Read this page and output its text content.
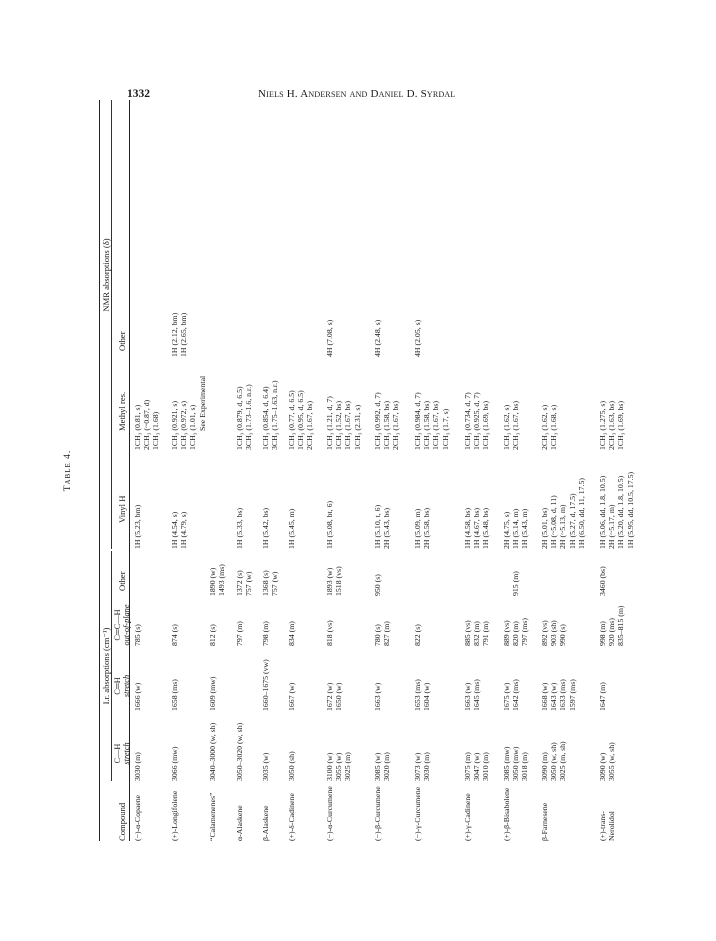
1332	Niels H. Andersen and Daniel D. Syrdal
Table 4.
Compound
I.r. absorptions (cm⁻¹)
NMR absorptions (δ)
C—H stretch
C═H stretch
C═C—H out-of-plane
Other
Vinyl H
Methyl res.
Other
(−)-α-Copaene
3030 (m)
1666 (w)
785 (s)
1H (5.23, bm)
1CH₃ (0.81, s) 2CH₃ (~0.87, d) 1CH₃ (1.68)
(+)-Longifolene
3066 (mw)
1658 (ms)
874 (s)
1H (4.54, s) 1H (4.79, s)
1CH₃ (0.921, s) 1CH₃ (0.972, s) 1CH₃ (1.01, s)
1H (2.12, bm) 1H (2.65, bm)
“Calamenenes”
3040–3000 (w, sh)
1609 (mw)
812 (s)
1890 (w) 1493 (ms)
See Experimental
α-Alaskene
3050–3020 (w, sh)
797 (m)
1372 (s) 757 (w)
1H (5.33, bs)
1CH₃ (0.879, d, 6.5) 3CH₃ (1.73–1.6, n.r.)
β-Alaskene
3035 (w)
1660–1675 (vw)
798 (m)
1368 (s) 757 (w)
1H (5.42, bs)
1CH₃ (0.854, d, 6.4) 3CH₃ (1.75–1.63, n.r.)
(+)-δ-Cadinene
3050 (sh)
1667 (w)
834 (m)
1H (5.45, m)
1CH₃ (0.77, d, 6.5) 1CH₃ (0.95, d, 6.5) 2CH₃ (1.67, bs)
(−)-α-Curcumene
3100 (w) 3055 (w) 3025 (m)
1672 (w) 1650 (w)
818 (vs)
1893 (w) 1518 (vs)
1H (5.08, bt, 6)
1CH₃ (1.21, d, 7) 1CH₃ (1.52, bs) 1CH₃ (1.67, bs) 1CH₃ (2.31, s)
4H (7.08, s)
(−)-β-Curcumene
3085 (w) 3020 (m)
1663 (w)
780 (s) 827 (m)
950 (s)
1H (5.10, t, 6) 2H (5.43, bs)
1CH₃ (0.992, d, 7) 1CH₃ (1.58, bs) 2CH₃ (1.67, bs)
4H (2.48, s)
(−)-γ-Curcumene
3073 (w) 3030 (m)
1653 (ms) 1604 (w)
822 (s)
1H (5.09, m) 2H (5.58, bs)
1CH₃ (0.984, d, 7) 1CH₃ (1.58, bs) 1CH₃ (1.67, bs) 1CH₃ (1.7, s)
4H (2.05, s)
(+)-γ-Cadinene
3075 (m) 3047 (w) 3010 (m)
1663 (w) 1645 (ms)
885 (vs) 832 (m) 791 (m)
1H (4.58, bs) 1H (4.67, bs) 1H (5.48, bs)
1CH₃ (0.734, d, 7) 1CH₃ (0.925, d, 7) 1CH₃ (1.69, bs)
(+)-β-Bisabolene
3085 (mw) 3050 (mw) 3018 (m)
1675 (w) 1642 (ms)
889 (vs) 820 (m) 797 (ms)
915 (m)
2H (4.75, s) 1H (5.14, m) 1H (5.43, m)
1CH₃ (1.62, s) 2CH₃ (1.67, bs)
β-Farnesene
3090 (m) 3050 (w, sh) 3025 (m, sh)
1668 (w) 1643 (w) 1633 (ms) 1597 (ms)
892 (vs) 903 (sh) 990 (s)
2H (5.01, bs) 1H (~5.08, d, 11) 2H (~5.13, m) 1H (5.27, d, 17.5) 1H (6.50, dd, 11, 17.5)
2CH₃ (1.62, s) 1CH₃ (1.68, s)
(+)-trans-Nerolidol
3090 (w) 3055 (w, sh)
1647 (m)
998 (m) 920 (ms) 835–815 (m)
3460 (bs)
1H (5.06, dd, 1.8, 10.5) 2H (~5.17, m) 1H (5.20, dd, 1.8, 10.5) 1H (5.95, dd, 10.5, 17.5)
1CH₃ (1.275, s) 2CH₃ (1.63, bs) 1CH₃ (1.69, bs)
